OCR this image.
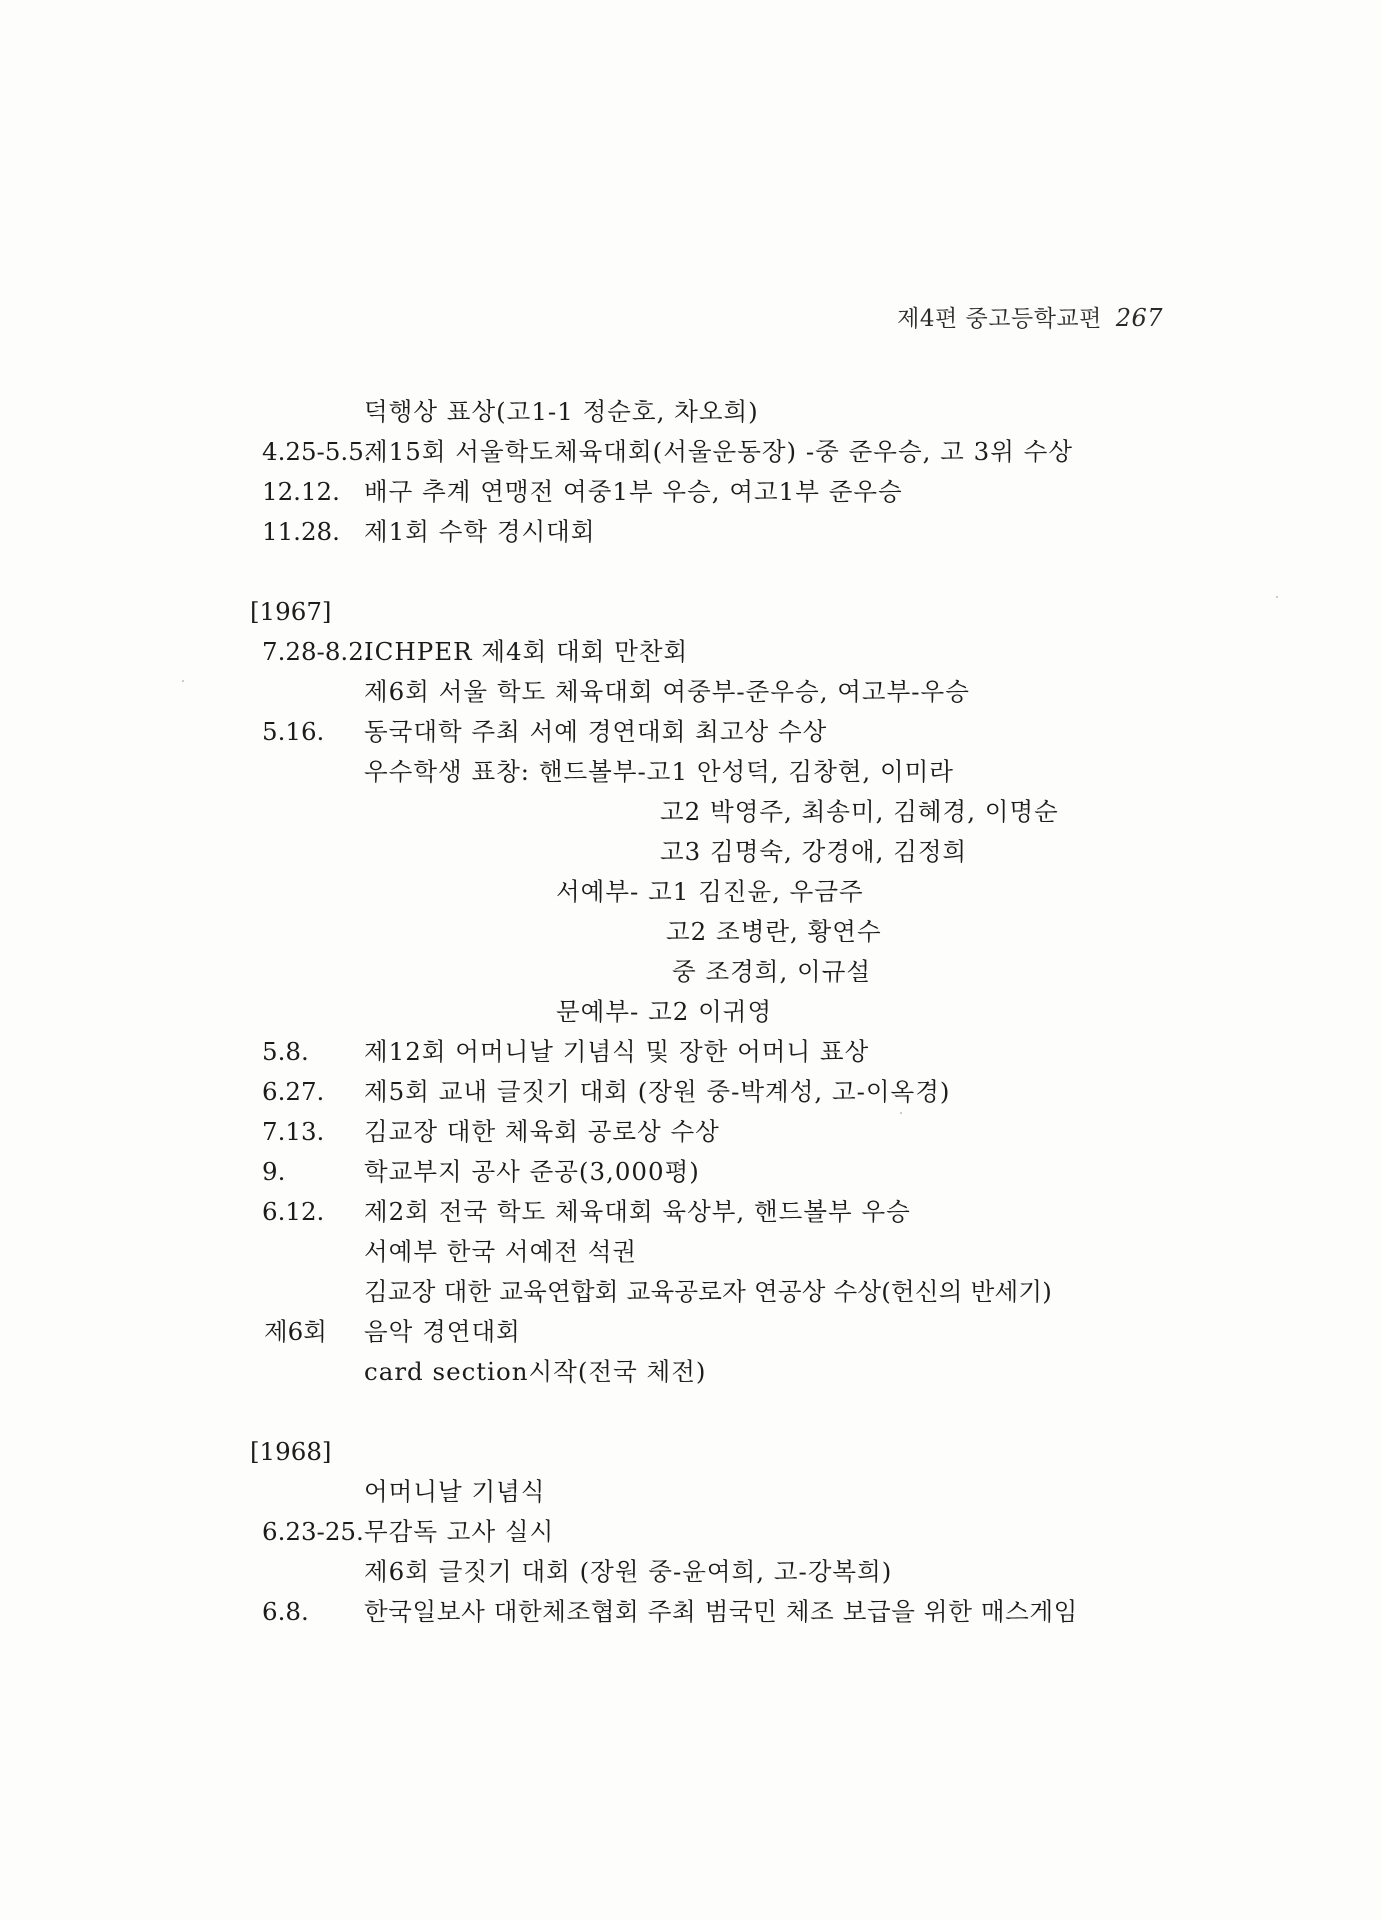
제4편 중고등학교편 267
덕행상 표상(고1-1 정순호, 차오희)
4.25-5.5.
제15회 서울학도체육대회(서울운동장) -중 준우승, 고 3위 수상
12.12. 배구 추계 연맹전 여중1부 우승, 여고1부 준우승
11.28. 제1회 수학 경시대회
[1967]
7.28-8.2.
ICHPER 제4회 대회 만찬회
제6회 서울 학도 체육대회 여중부-준우승, 여고부-우승
5.16. 동국대학 주최 서예 경연대회 최고상 수상
우수학생 표창: 핸드볼부-고1 안성덕, 김창현, 이미라
고2 박영주, 최송미, 김혜경, 이명순
고3 김명숙, 강경애, 김정희
서예부- 고1 김진윤, 우금주
고2 조병란, 황연수
중 조경희, 이규설
문예부- 고2 이귀영
5.8. 제12회 어머니날 기념식 및 장한 어머니 표상
6.27. 제5회 교내 글짓기 대회 (장원 중-박계성, 고-이옥경)
7.13. 김교장 대한 체육회 공로상 수상
9.	학교부지 공사 준공(3,000평)
6.12. 제2회 전국 학도 체육대회 육상부, 핸드볼부 우승
서예부 한국 서예전 석권
김교장 대한 교육연합회 교육공로자 연공상 수상(헌신의 반세기)
제6회 음악 경연대회
card section시작(전국 체전)
[1968]
어머니날 기념식
6.23-25. 무감독 고사 실시
제6회 글짓기 대회 (장원 중-윤여희, 고-강복희)
6.8. 한국일보사 대한체조협회 주최 범국민 체조 보급을 위한 매스게임
